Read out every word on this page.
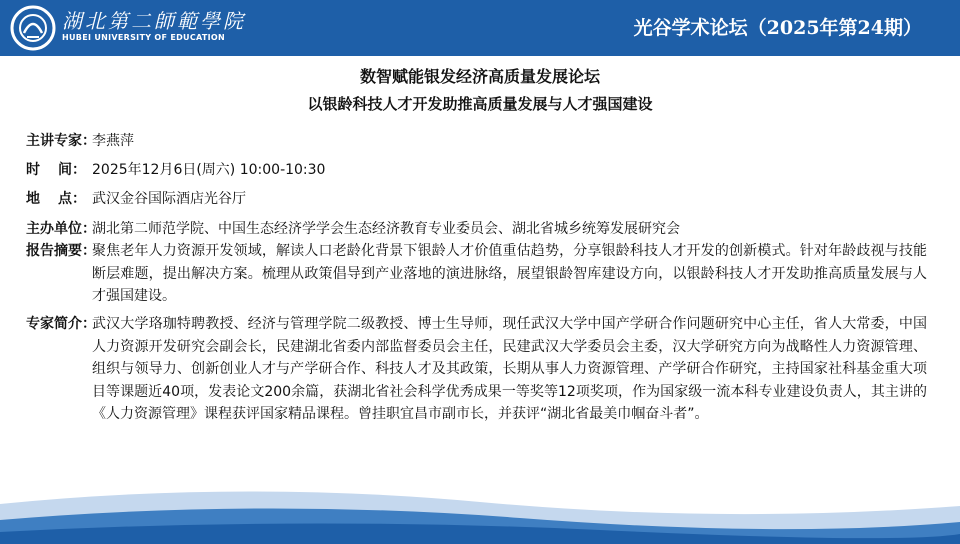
湖北第二師範學院
HUBEI UNIVERSITY OF EDUCATION	光谷学术论坛（2025年第24期）
数智赋能银发经济高质量发展论坛
以银龄科技人才开发助推高质量发展与人才强国建设
主讲专家：
李燕萍
时 间： 2025年12月6日(周六) 10:00-10:30
地 点： 武汉金谷国际酒店光谷厅
主办单位：
湖北第二师范学院、中国生态经济学学会生态经济教育专业委员会、湖北省城乡统筹发展研究会
报告摘要：
聚焦老年人力资源开发领域，解读人口老龄化背景下银龄人才价值重估趋势，分享银龄科技人才开发的创新模式。针对年龄歧视与技能断层难题，提出解决方案。梳理从政策倡导到产业落地的演进脉络，展望银龄智库建设方向，以银龄科技人才开发助推高质量发展与人才强国建设。
专家简介：
武汉大学珞珈特聘教授、经济与管理学院二级教授、博士生导师，现任武汉大学中国产学研合作问题研究中心主任，省人大常委，中国人力资源开发研究会副会长，民建湖北省委内部监督委员会主任，民建武汉大学委员会主委，汉大学研究方向为战略性人力资源管理、组织与领导力、创新创业人才与产学研合作、科技人才及其政策，长期从事人力资源管理、产学研合作研究，主持国家社科基金重大项目等课题近40项，发表论文200余篇，获湖北省社会科学优秀成果一等奖等12项奖项，作为国家级一流本科专业建设负责人，其主讲的《人力资源管理》课程获评国家精品课程。曾挂职宜昌市副市长，并获评“湖北省最美巾帼奋斗者”。
